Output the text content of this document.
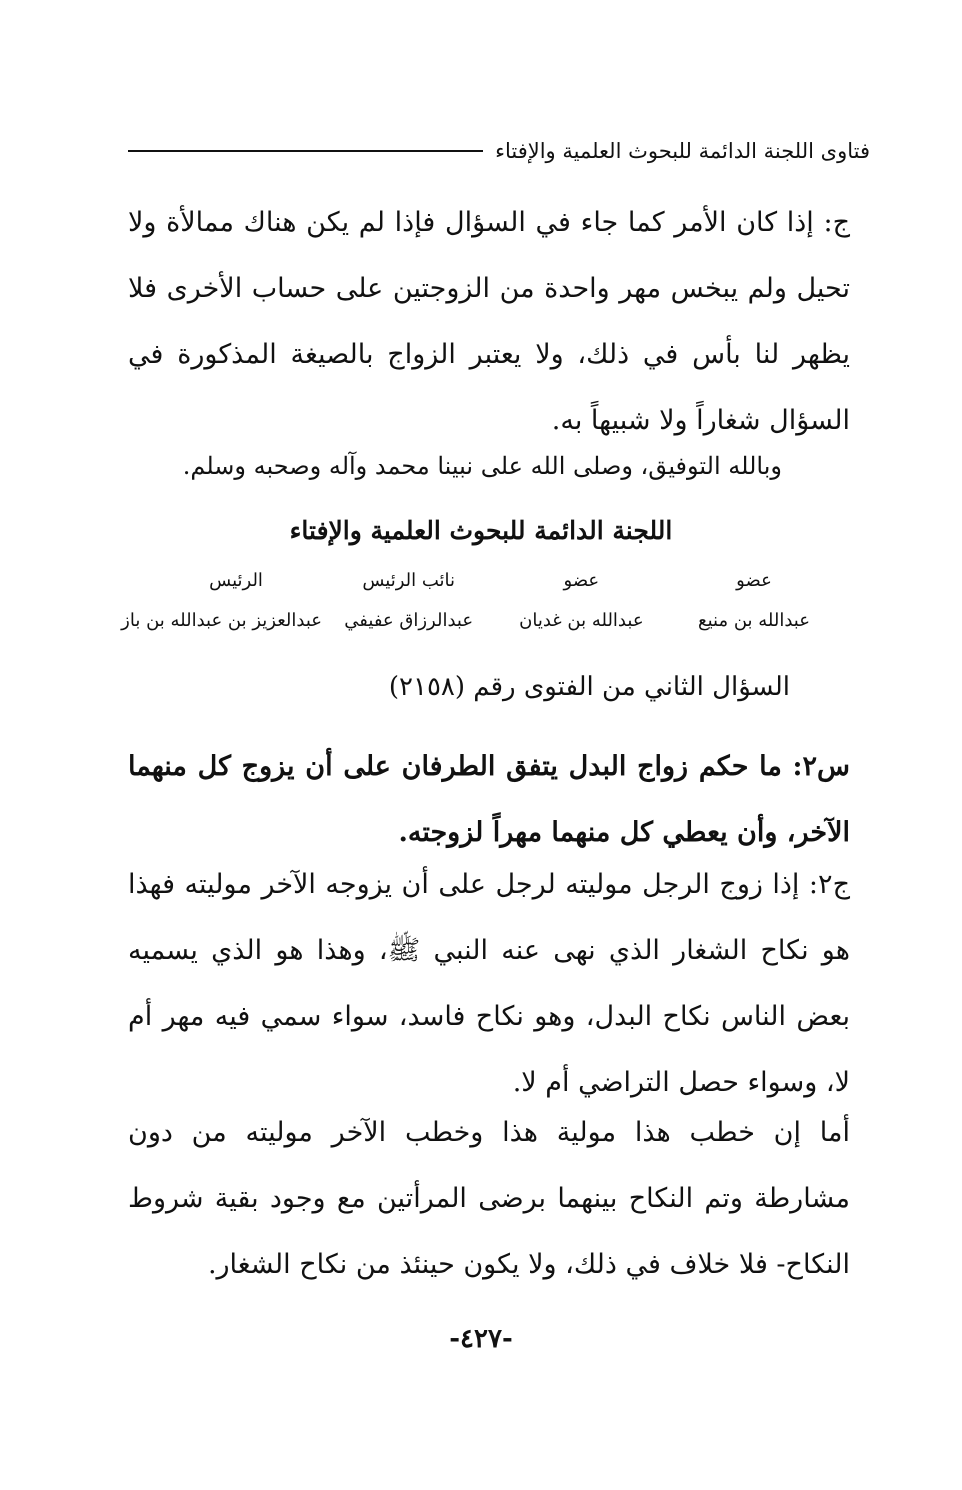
فتاوى اللجنة الدائمة للبحوث العلمية والإفتاء

ج: إذا كان الأمر كما جاء في السؤال فإذا لم يكن هناك ممالأة ولا تحيل ولم يبخس مهر واحدة من الزوجتين على حساب الأخرى فلا يظهر لنا بأس في ذلك، ولا يعتبر الزواج بالصيغة المذكورة في السؤال شغاراً ولا شبيهاً به.

وبالله التوفيق، وصلى الله على نبينا محمد وآله وصحبه وسلم.
اللجنة الدائمة للبحوث العلمية والإفتاء
عضو
عضو
نائب الرئيس
الرئيس
عبدالله بن منيع
عبدالله بن غديان
عبدالرزاق عفيفي
عبدالعزيز بن عبدالله بن باز
السؤال الثاني من الفتوى رقم (٢١٥٨)

س٢: ما حكم زواج البدل يتفق الطرفان على أن يزوج كل منهما الآخر، وأن يعطي كل منهما مهراً لزوجته.

ج٢: إذا زوج الرجل موليته لرجل على أن يزوجه الآخر موليته فهذا هو نكاح الشغار الذي نهى عنه النبي ﷺ، وهذا هو الذي يسميه بعض الناس نكاح البدل، وهو نكاح فاسد، سواء سمي فيه مهر أم لا، وسواء حصل التراضي أم لا.

أما إن خطب هذا مولية هذا وخطب الآخر موليته من دون مشارطة وتم النكاح بينهما برضى المرأتين مع وجود بقية شروط النكاح- فلا خلاف في ذلك، ولا يكون حينئذ من نكاح الشغار.

-٤٢٧-
